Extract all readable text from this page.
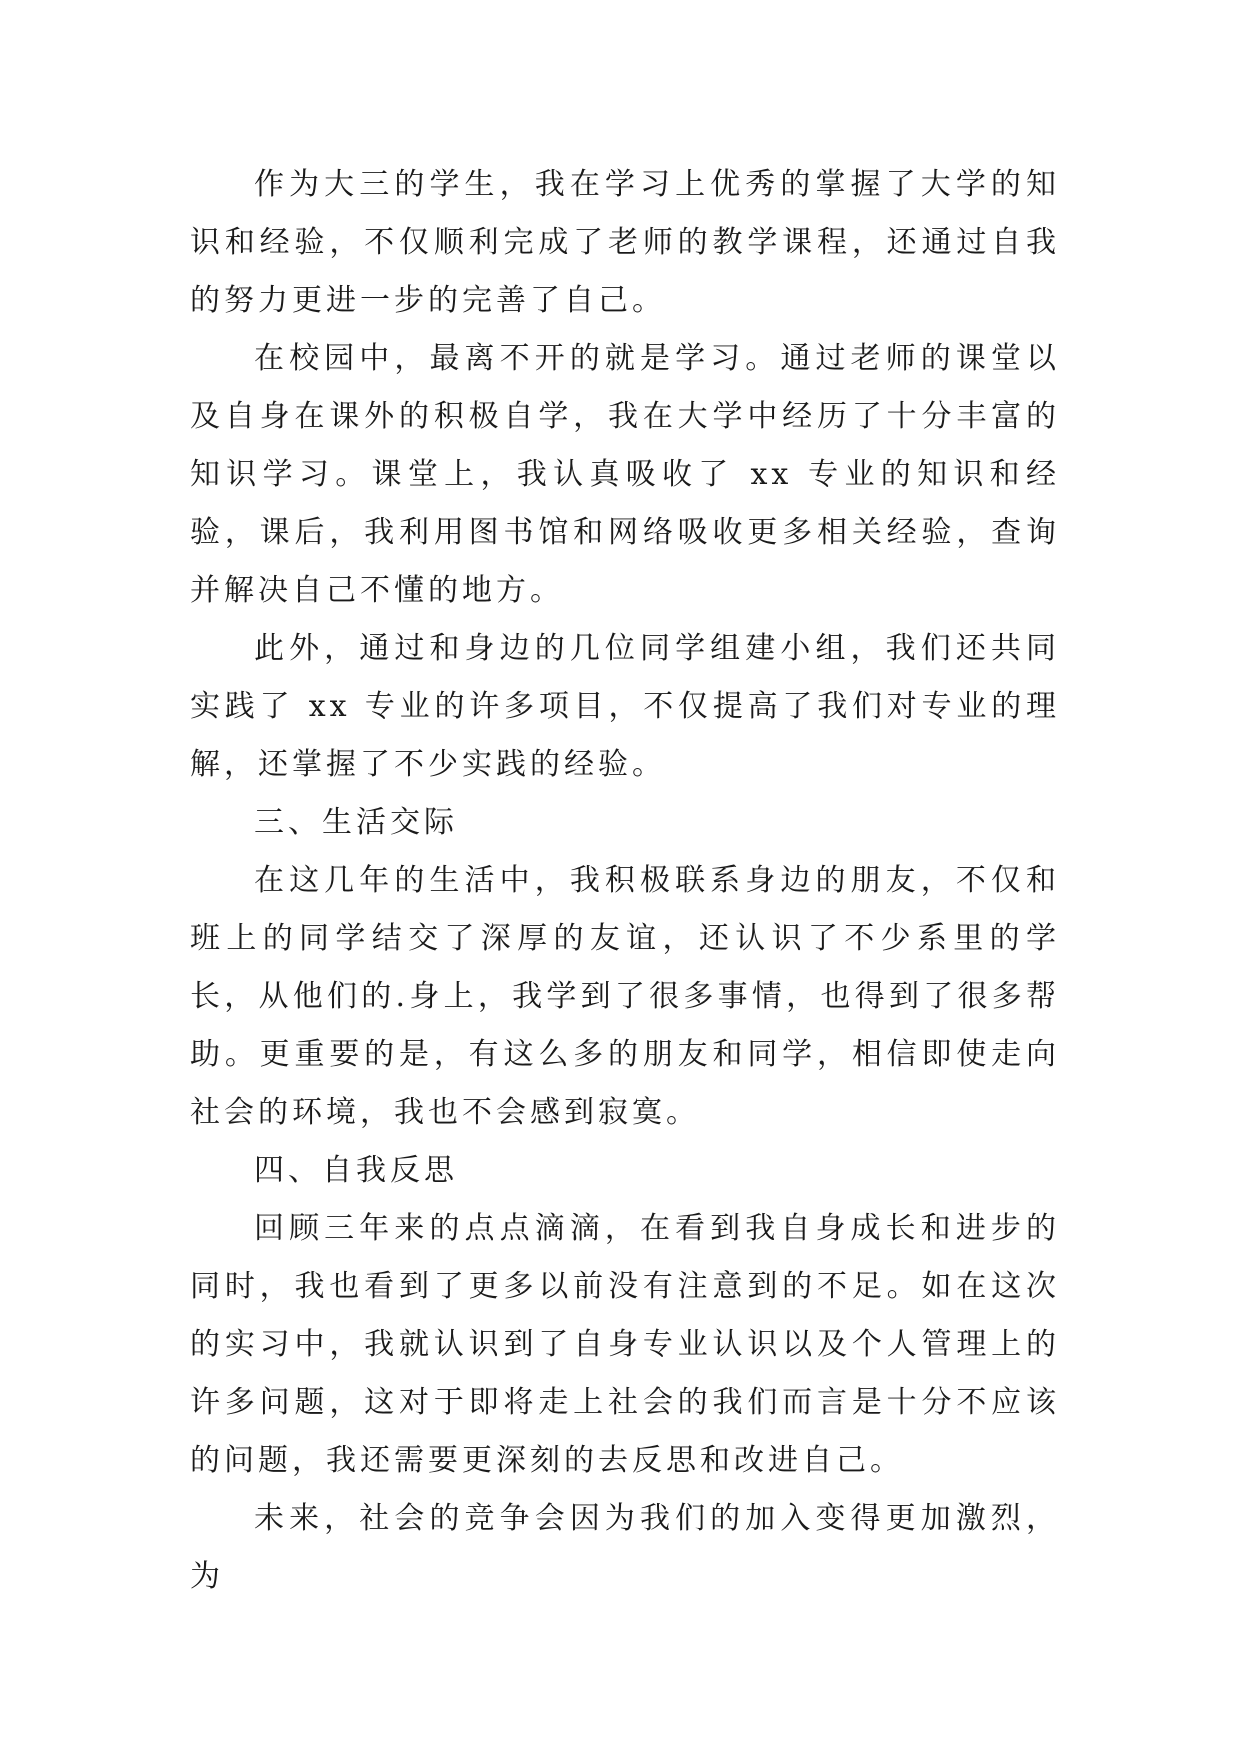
作为大三的学生，我在学习上优秀的掌握了大学的知识和经验，不仅顺利完成了老师的教学课程，还通过自我的努力更进一步的完善了自己。

在校园中，最离不开的就是学习。通过老师的课堂以及自身在课外的积极自学，我在大学中经历了十分丰富的知识学习。课堂上，我认真吸收了 xx 专业的知识和经验，课后，我利用图书馆和网络吸收更多相关经验，查询并解决自己不懂的地方。

此外，通过和身边的几位同学组建小组，我们还共同实践了 xx 专业的许多项目，不仅提高了我们对专业的理解，还掌握了不少实践的经验。

三、生活交际

在这几年的生活中，我积极联系身边的朋友，不仅和班上的同学结交了深厚的友谊，还认识了不少系里的学长，从他们的.身上，我学到了很多事情，也得到了很多帮助。更重要的是，有这么多的朋友和同学，相信即使走向社会的环境，我也不会感到寂寞。

四、自我反思

回顾三年来的点点滴滴，在看到我自身成长和进步的同时，我也看到了更多以前没有注意到的不足。如在这次的实习中，我就认识到了自身专业认识以及个人管理上的许多问题，这对于即将走上社会的我们而言是十分不应该的问题，我还需要更深刻的去反思和改进自己。

未来，社会的竞争会因为我们的加入变得更加激烈，为
